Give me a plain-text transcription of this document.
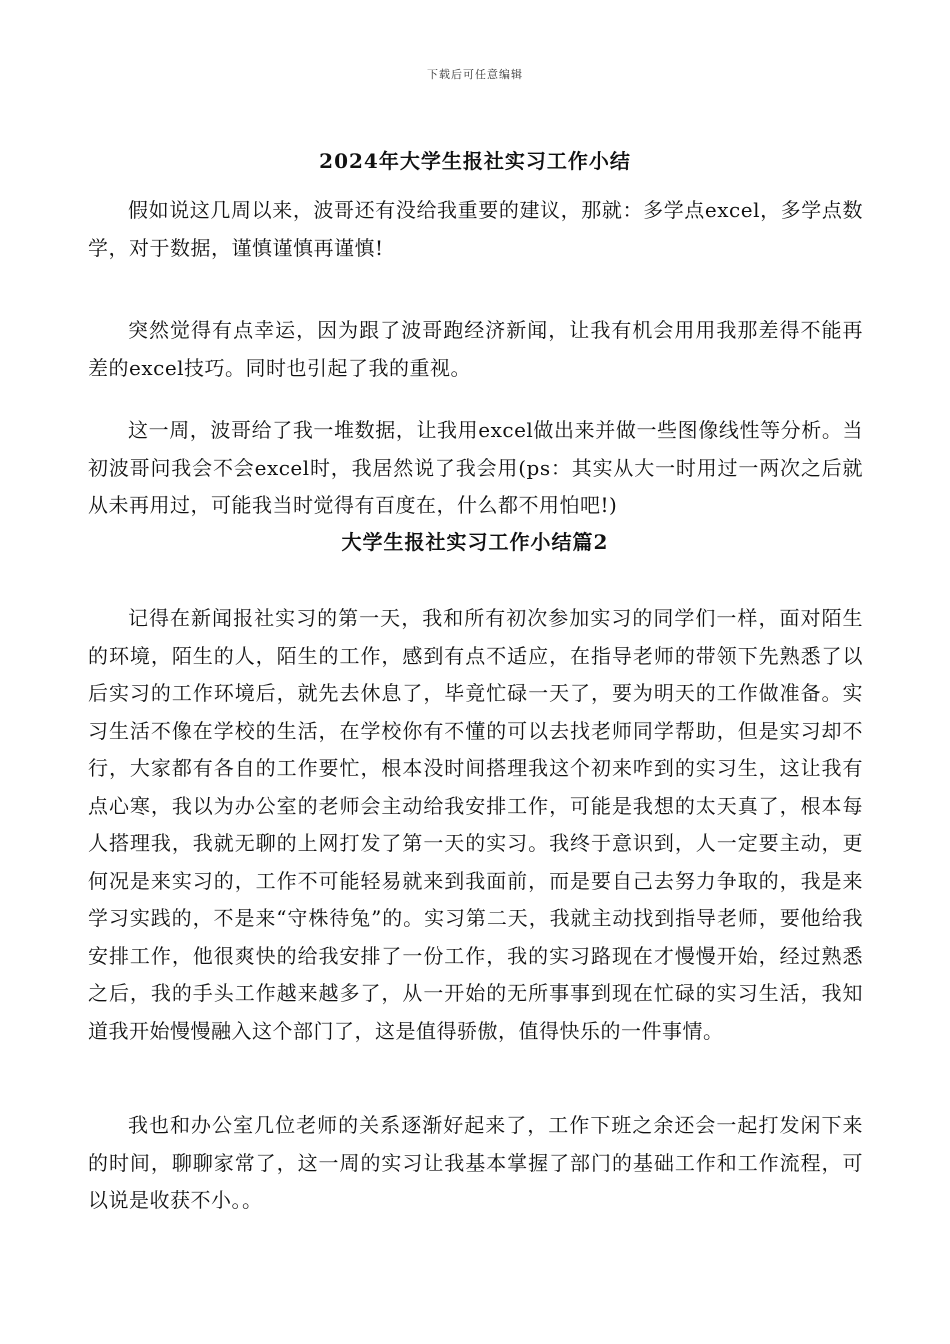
下载后可任意编辑
2024年大学生报社实习工作小结

假如说这几周以来，波哥还有没给我重要的建议，那就：多学点excel，多学点数学，对于数据，谨慎谨慎再谨慎!

突然觉得有点幸运，因为跟了波哥跑经济新闻，让我有机会用用我那差得不能再差的excel技巧。同时也引起了我的重视。

这一周，波哥给了我一堆数据，让我用excel做出来并做一些图像线性等分析。当初波哥问我会不会excel时，我居然说了我会用(ps：其实从大一时用过一两次之后就从未再用过，可能我当时觉得有百度在，什么都不用怕吧!)

大学生报社实习工作小结篇2

记得在新闻报社实习的第一天，我和所有初次参加实习的同学们一样，面对陌生的环境，陌生的人，陌生的工作，感到有点不适应，在指导老师的带领下先熟悉了以后实习的工作环境后，就先去休息了，毕竟忙碌一天了，要为明天的工作做准备。实习生活不像在学校的生活，在学校你有不懂的可以去找老师同学帮助，但是实习却不行，大家都有各自的工作要忙，根本没时间搭理我这个初来咋到的实习生，这让我有点心寒，我以为办公室的老师会主动给我安排工作，可能是我想的太天真了，根本每人搭理我，我就无聊的上网打发了第一天的实习。我终于意识到，人一定要主动，更何况是来实习的，工作不可能轻易就来到我面前，而是要自己去努力争取的，我是来学习实践的，不是来“守株待兔”的。实习第二天，我就主动找到指导老师，要他给我安排工作，他很爽快的给我安排了一份工作，我的实习路现在才慢慢开始，经过熟悉之后，我的手头工作越来越多了，从一开始的无所事事到现在忙碌的实习生活，我知道我开始慢慢融入这个部门了，这是值得骄傲，值得快乐的一件事情。

我也和办公室几位老师的关系逐渐好起来了，工作下班之余还会一起打发闲下来的时间，聊聊家常了，这一周的实习让我基本掌握了部门的基础工作和工作流程，可以说是收获不小。。
